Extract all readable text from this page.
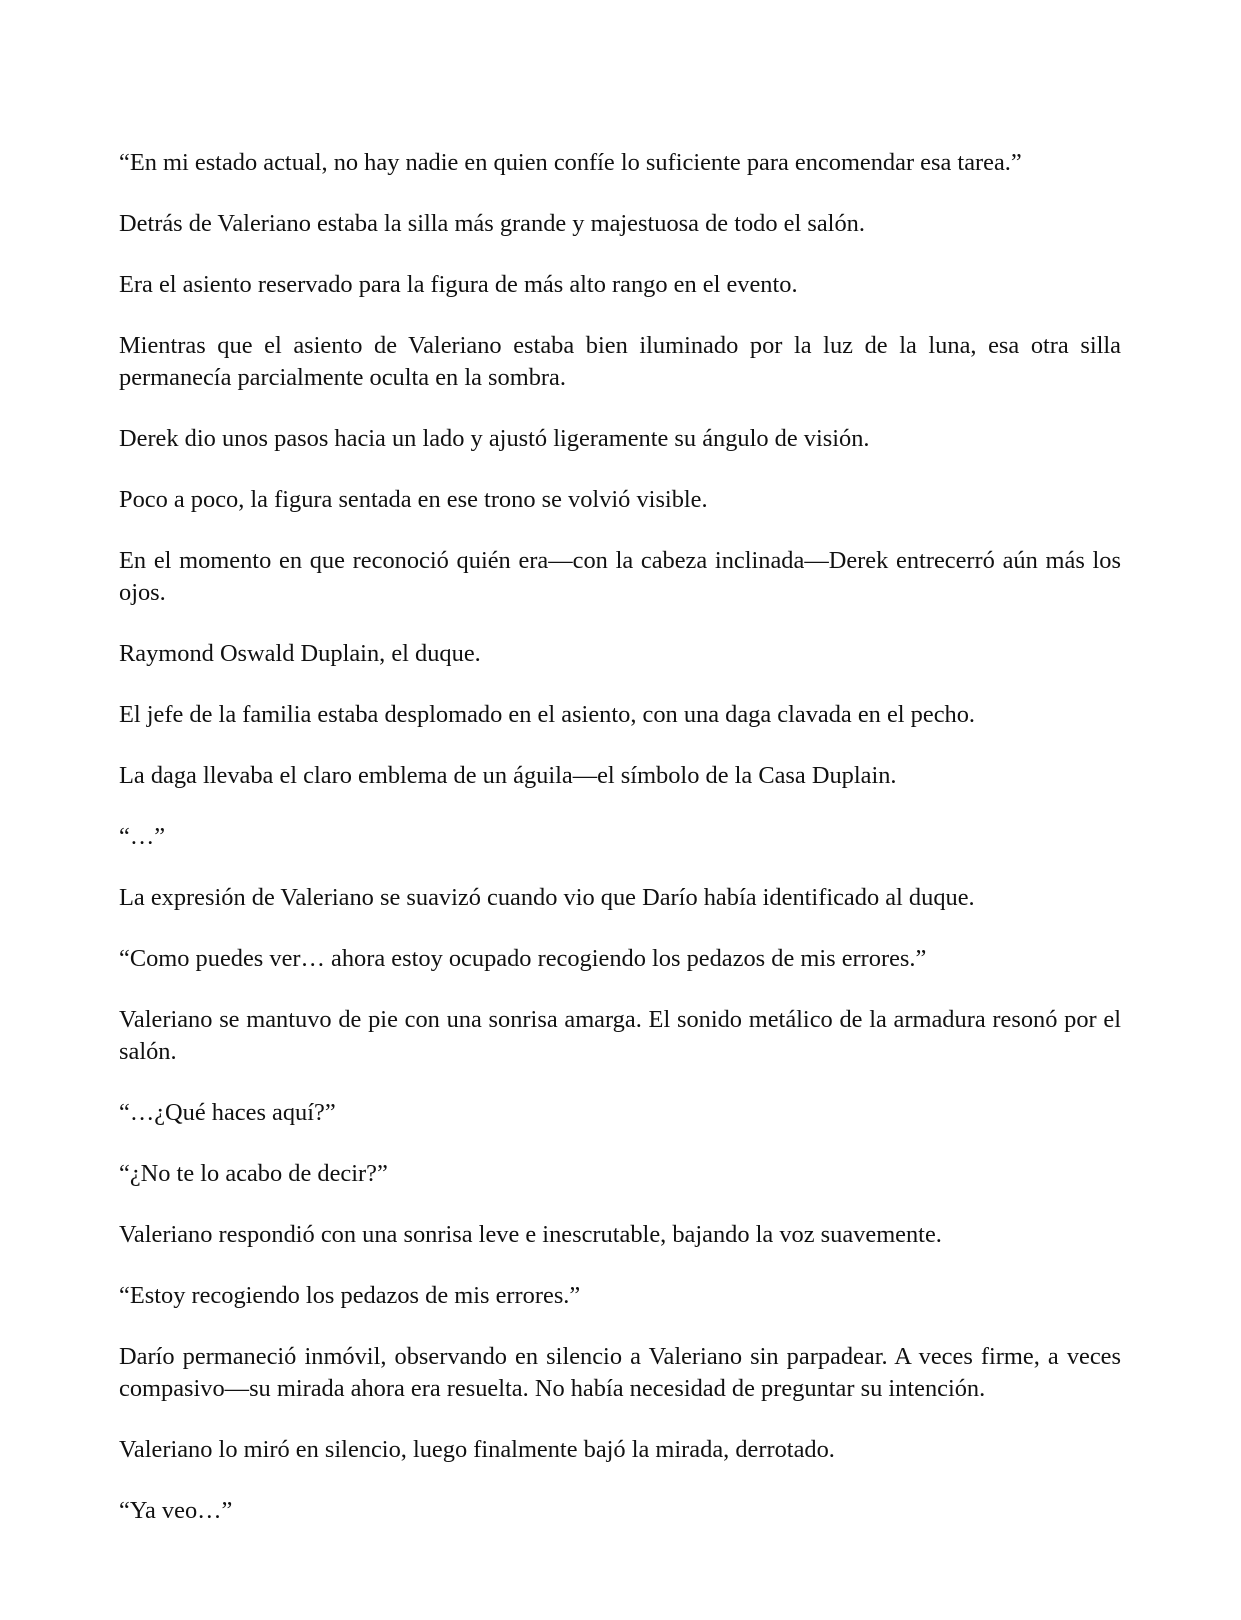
“En mi estado actual, no hay nadie en quien confíe lo suficiente para encomendar esa tarea.”

Detrás de Valeriano estaba la silla más grande y majestuosa de todo el salón.

Era el asiento reservado para la figura de más alto rango en el evento.

Mientras que el asiento de Valeriano estaba bien iluminado por la luz de la luna, esa otra silla permanecía parcialmente oculta en la sombra.

Derek dio unos pasos hacia un lado y ajustó ligeramente su ángulo de visión.

Poco a poco, la figura sentada en ese trono se volvió visible.

En el momento en que reconoció quién era—con la cabeza inclinada—Derek entrecerró aún más los ojos.

Raymond Oswald Duplain, el duque.

El jefe de la familia estaba desplomado en el asiento, con una daga clavada en el pecho.

La daga llevaba el claro emblema de un águila—el símbolo de la Casa Duplain.

“…”

La expresión de Valeriano se suavizó cuando vio que Darío había identificado al duque.

“Como puedes ver… ahora estoy ocupado recogiendo los pedazos de mis errores.”

Valeriano se mantuvo de pie con una sonrisa amarga. El sonido metálico de la armadura resonó por el salón.

“…¿Qué haces aquí?”

“¿No te lo acabo de decir?”

Valeriano respondió con una sonrisa leve e inescrutable, bajando la voz suavemente.

“Estoy recogiendo los pedazos de mis errores.”

Darío permaneció inmóvil, observando en silencio a Valeriano sin parpadear. A veces firme, a veces compasivo—su mirada ahora era resuelta. No había necesidad de preguntar su intención.

Valeriano lo miró en silencio, luego finalmente bajó la mirada, derrotado.

“Ya veo…”
